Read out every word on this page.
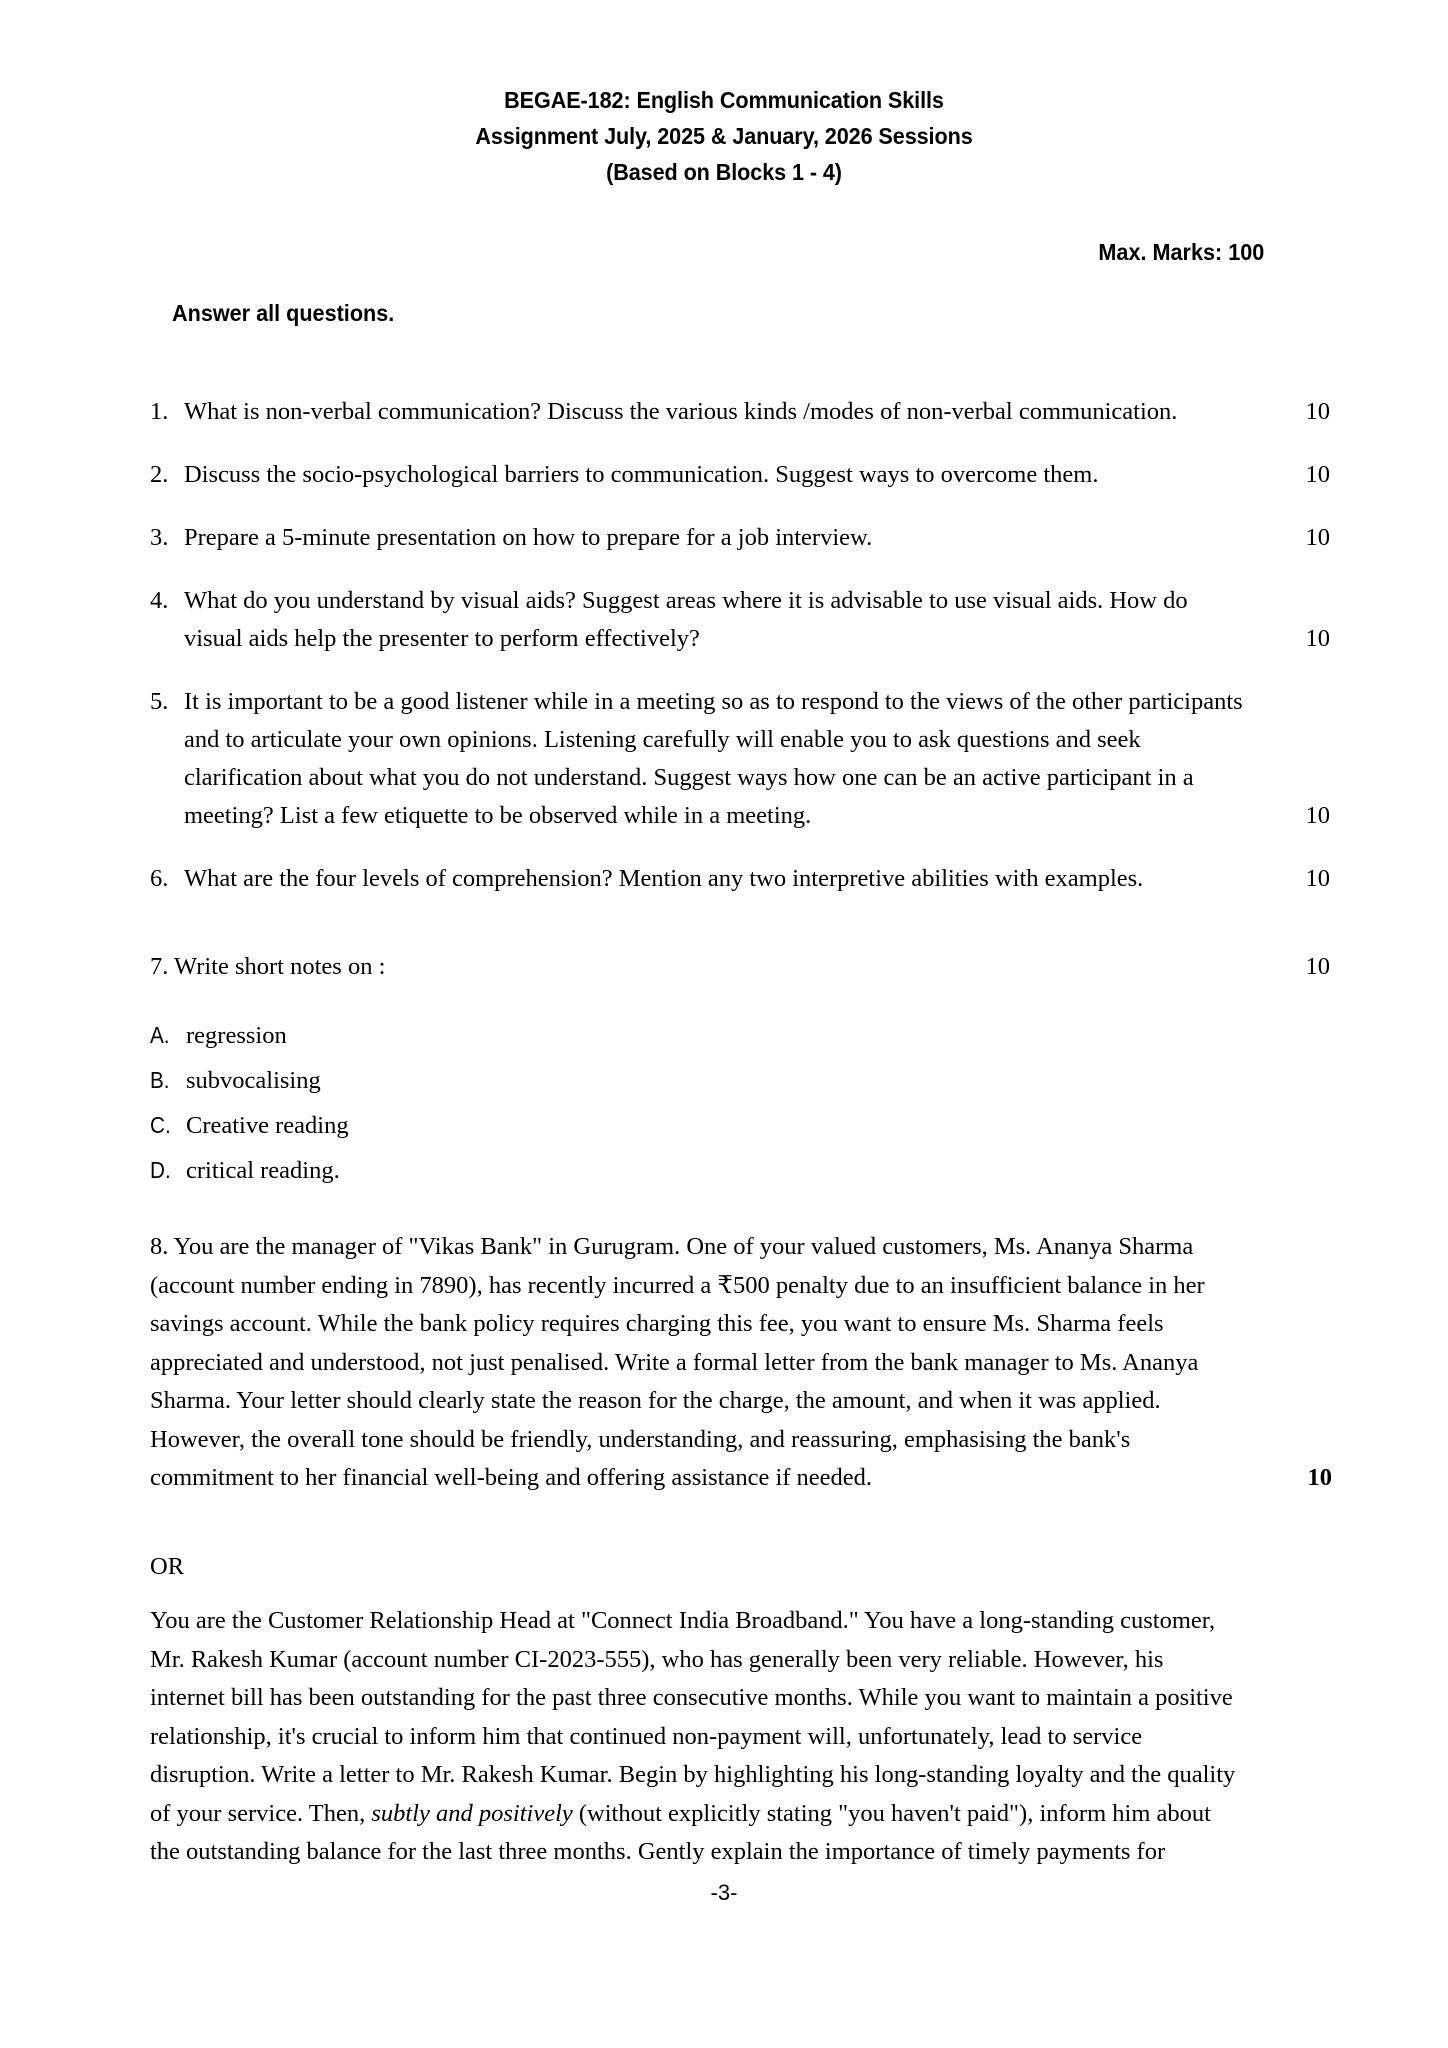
BEGAE-182: English Communication Skills
Assignment July, 2025 & January, 2026 Sessions
(Based on Blocks 1 - 4)
Max. Marks: 100
Answer all questions.
1. What is non-verbal communication? Discuss the various kinds /modes of non-verbal communication.	10
2. Discuss the socio-psychological barriers to communication. Suggest ways to overcome them.	10
3. Prepare a 5-minute presentation on how to prepare for a job interview.	10
4. What do you understand by visual aids? Suggest areas where it is advisable to use visual aids. How do
visual aids help the presenter to perform effectively?	10
5. It is important to be a good listener while in a meeting so as to respond to the views of the other participants
and to articulate your own opinions. Listening carefully will enable you to ask questions and seek
clarification about what you do not understand. Suggest ways how one can be an active participant in a
meeting? List a few etiquette to be observed while in a meeting.	10
6. What are the four levels of comprehension? Mention any two interpretive abilities with examples.	10
7. Write short notes on :	10
A. regression
B. subvocalising
C. Creative reading
D. critical reading.
8. You are the manager of "Vikas Bank" in Gurugram. One of your valued customers, Ms. Ananya Sharma
(account number ending in 7890), has recently incurred a ₹500 penalty due to an insufficient balance in her
savings account. While the bank policy requires charging this fee, you want to ensure Ms. Sharma feels
appreciated and understood, not just penalised. Write a formal letter from the bank manager to Ms. Ananya
Sharma. Your letter should clearly state the reason for the charge, the amount, and when it was applied.
However, the overall tone should be friendly, understanding, and reassuring, emphasising the bank's
commitment to her financial well-being and offering assistance if needed.	10
OR
You are the Customer Relationship Head at "Connect India Broadband." You have a long-standing customer,
Mr. Rakesh Kumar (account number CI-2023-555), who has generally been very reliable. However, his
internet bill has been outstanding for the past three consecutive months. While you want to maintain a positive
relationship, it's crucial to inform him that continued non-payment will, unfortunately, lead to service
disruption. Write a letter to Mr. Rakesh Kumar. Begin by highlighting his long-standing loyalty and the quality
of your service. Then, subtly and positively (without explicitly stating "you haven't paid"), inform him about
the outstanding balance for the last three months. Gently explain the importance of timely payments for
-3-
